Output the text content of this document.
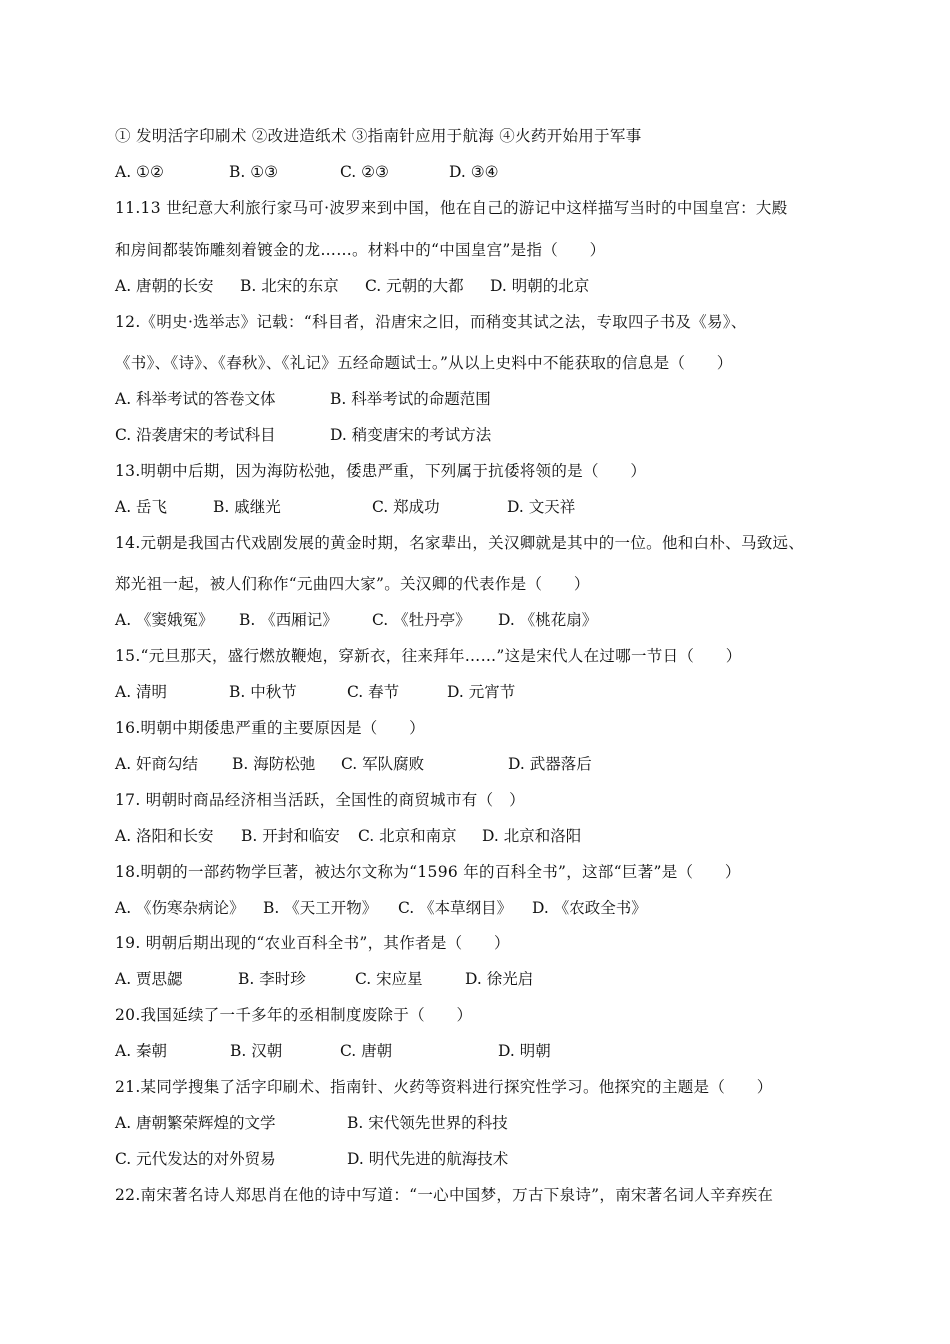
① 发明活字印刷术 ②改进造纸术 ③指南针应用于航海 ④火药开始用于军事
A. ①②	B. ①③	C. ②③	D. ③④
11.13 世纪意大利旅行家马可·波罗来到中国，他在自己的游记中这样描写当时的中国皇宫：大殿
和房间都装饰雕刻着镀金的龙……。材料中的“中国皇宫”是指（　　）
A. 唐朝的长安 B. 北宋的东京 C. 元朝的大都 D. 明朝的北京
12.《明史·选举志》记载：“科目者，沿唐宋之旧，而稍变其试之法，专取四子书及《易》、
《书》、《诗》、《春秋》、《礼记》五经命题试士。”从以上史料中不能获取的信息是（　　）
A. 科举考试的答卷文体	B. 科举考试的命题范围
C. 沿袭唐宋的考试科目	D. 稍变唐宋的考试方法
13.明朝中后期，因为海防松弛，倭患严重，下列属于抗倭将领的是（　　）
A. 岳飞	B. 戚继光	C. 郑成功	D. 文天祥
14.元朝是我国古代戏剧发展的黄金时期，名家辈出，关汉卿就是其中的一位。他和白朴、马致远、
郑光祖一起，被人们称作“元曲四大家”。关汉卿的代表作是（　　）
A. 《窦娥冤》 B. 《西厢记》 C. 《牡丹亭》 D. 《桃花扇》
15.“元旦那天，盛行燃放鞭炮，穿新衣，往来拜年……”这是宋代人在过哪一节日（　　）
A. 清明	B. 中秋节	C. 春节	D. 元宵节
16.明朝中期倭患严重的主要原因是（　　）
A. 奸商勾结 B. 海防松弛 C. 军队腐败	D. 武器落后
17. 明朝时商品经济相当活跃，全国性的商贸城市有（　）
A. 洛阳和长安 B. 开封和临安 C. 北京和南京 D. 北京和洛阳
18.明朝的一部药物学巨著，被达尔文称为“1596 年的百科全书”，这部“巨著”是（　　）
A. 《伤寒杂病论》 B. 《天工开物》 C. 《本草纲目》 D. 《农政全书》
19. 明朝后期出现的“农业百科全书”，其作者是（　　）
A. 贾思勰	B. 李时珍	C. 宋应星	D. 徐光启
20.我国延续了一千多年的丞相制度废除于（　　）
A. 秦朝	B. 汉朝	C. 唐朝	D. 明朝
21.某同学搜集了活字印刷术、指南针、火药等资料进行探究性学习。他探究的主题是（　　）
A. 唐朝繁荣辉煌的文学	B. 宋代领先世界的科技
C. 元代发达的对外贸易	D. 明代先进的航海技术
22.南宋著名诗人郑思肖在他的诗中写道：“一心中国梦，万古下泉诗”，南宋著名词人辛弃疾在
